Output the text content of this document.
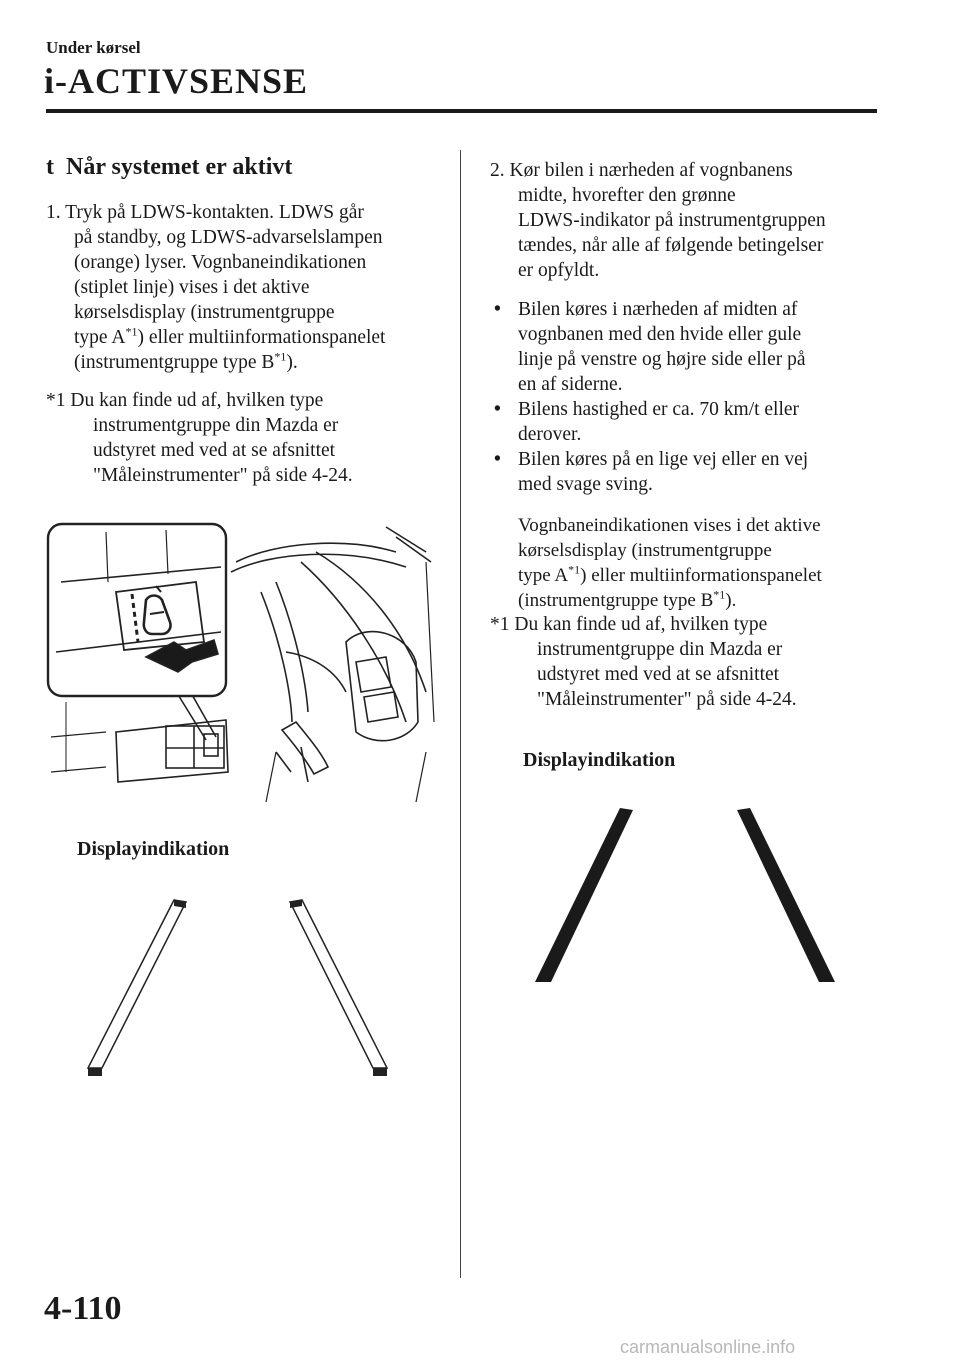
Under kørsel
i-ACTIVSENSE
t Når systemet er aktivt
1. Tryk på LDWS-kontakten. LDWS går
på standby, og LDWS-advarselslampen
(orange) lyser. Vognbaneindikationen
(stiplet linje) vises i det aktive
kørselsdisplay (instrumentgruppe
type $A^{*1}$) eller multiinformationspanelet
(instrumentgruppe type $B^{*1}$).
*1 Du kan finde ud af, hvilken type
instrumentgruppe din Mazda er
udstyret med ved at se afsnittet
"Måleinstrumenter" på side 4-24.
Displayindikation
2. Kør bilen i nærheden af vognbanens
midte, hvorefter den grønne
LDWS-indikator på instrumentgruppen
tændes, når alle af følgende betingelser
er opfyldt.
• Bilen køres i nærheden af midten af
vognbanen med den hvide eller gule
linje på venstre og højre side eller på
en af siderne.
• Bilens hastighed er ca. 70 km/t eller
derover.
• Bilen køres på en lige vej eller en vej
med svage sving.
Vognbaneindikationen vises i det aktive
kørselsdisplay (instrumentgruppe
type $A^{*1}$) eller multiinformationspanelet
(instrumentgruppe type $B^{*1}$).
*1 Du kan finde ud af, hvilken type
instrumentgruppe din Mazda er
udstyret med ved at se afsnittet
"Måleinstrumenter" på side 4-24.
Displayindikation
4-110
carmanualsonline.info
